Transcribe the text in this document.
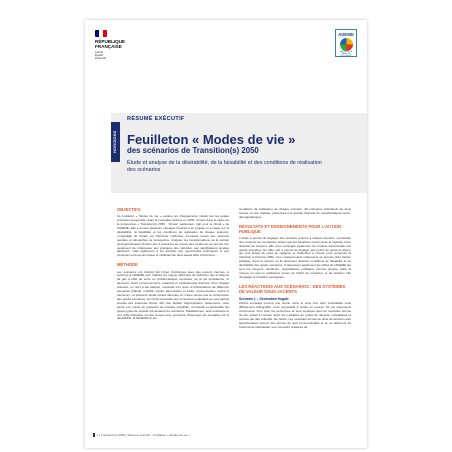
RÉPUBLIQUE
FRANÇAISE
Liberté
Égalité
Fraternité
ADEME
AGENCE DE LA TRANSITION ÉCOLOGIQUE
HORIZONS
RÉSUMÉ EXÉCUTIF
Feuilleton « Modes de vie »
des scénarios de Transition(s) 2050
Étude et analyse de la désirabilité, de la faisabilité et des conditions de réalisation des scénarios
OBJECTIFS

Ce feuilleton « Modes de vie » explore les changements induits par les quatre scénarios prospectifs visant la neutralité carbone en 2050, conçus dans le cadre de la prospective « Transition(s) 2050 : Choisir maintenant. Agir pour le climat » de l'ADEME. Elle a amené plusieurs ménages français à se projeter et à réagir sur la désirabilité, la faisabilité et les conditions de réalisation de chaque scénario. L'originalité de l'étude est d'articuler méthodes d'enquête issues des sciences sociales et démarches de prospective. Analyser les transformations de la société qu'engendreraient chacun des 4 scénarios au prisme des modes de vie permet non seulement de s'intéresser aux pratiques des individus, aux significations qu'elles attribuent, mais également à les articuler aux opportunités techniques et aux contextes socio-économique et institutionnel dans lequel elles s'inscrivent.

MÉTHODE

Les scénarios ont d'abord fait l'objet d'échanges avec des experts internes et externes à l'ADEME pour traduire les enjeux nationaux de réduction des émissions de gaz à effet de serre en problématiques concrètes, de la vie quotidienne, et découvrir quels environnements matériels et institutionnels distincts. Pour chaque scénario, un récit a été élaboré, constitué d'un texte et d'illustrations de différents domaines (habitat, mobilité, travail, alimentation et santé, consommation, loisirs et tourisme). La présente étude s'étant déroulée en même temps que la construction des quatre scénarios, les récits présentés aux personnes enquêtées se sont parfois écartés des scénarios finaux, afin d'en faciliter l'appropriation. Néanmoins, cette étude a le mérite de présenter de manière simplifiée, contrastée et accessible les quatre types de société qui devaient les scénarios. Parallèlement, sept entretiens et une grille d'analyse ont été conçus pour permettre d'interroger les enquêtés sur la désirabilité, la faisabilité et les

conditions de réalisation de chaque scénario. 39 entretiens individuels de deux heures ont été réalisés, présentant une grande diversité de caractéristiques socio-démographiques.

RÉSULTATS ET ENSEIGNEMENTS POUR L'ACTION PUBLIQUE

L'étude a permis de dégager des résultats propres à chaque scénario, permettant d'en explorer les contraintes autant que les bénéfices perçus avec la rugosité d'une diversité de citoyens. Elle nous renseigne également de manière transversale aux quatre scénarios. En effet, elle a permis de dégager des points de tensions divers, qui sont autant du point de vigilance et d'attention à investir pour construire la transition à l'horizon 2050. Ces enseignements intéressent au premier plan l'action publique, dans la mesure où ils dessinent diverses conditions de faisabilité et de désirabilité des quatre scénarios. Il intéressent également les cibles de l'ADEME qui sont les citoyens, décideurs, organisations publiques comme privées, dans la mesure où ceux-ci participent toutes de l'effort de projection et de décision afin d'engager la transition écologique.

LES RÉACTIONS AUX SCÉNARIOS : DES SYSTÈMES DE VALEUR SOUS-JACENTS
Scénario 1 – Génération frugale

Parfois envisagé comme une utopie, dans le sens d'un futur souhaitable mais difficilement atteignable, voire impossible à mettre en oeuvre, S1 est néanmoins controversé. D'un côté, les personnes se sont projetées avec de nouvelles formes de lien social à inventer dans les modalités de prises de décision relocalisées et portées par des collectifs. De l'autre, ces nouvelles formes de prise de décision sont appréhendées comme des formes de repli communautaire et en se détriment de l'autonomie individuelle. Les nouvelles pratiques de

1 | Transition(s) 2050 | Résumé exécutif – Feuilleton « Modes de vie »
